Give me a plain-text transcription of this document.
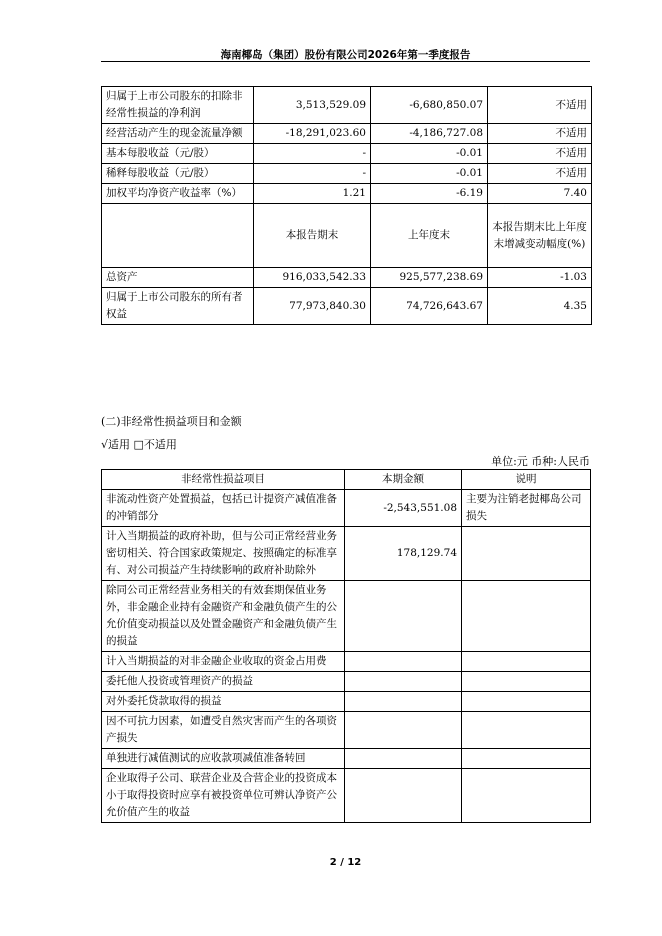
海南椰岛（集团）股份有限公司2026年第一季度报告
归属于上市公司股东的扣除非经常性损益的净利润	3,513,529.09	-6,680,850.07	不适用
经营活动产生的现金流量净额	-18,291,023.60	-4,186,727.08	不适用
基本每股收益（元/股）	-	-0.01	不适用
稀释每股收益（元/股）	-	-0.01	不适用
加权平均净资产收益率（%）	1.21	-6.19	7.40
	本报告期末	上年度末	本报告期末比上年度末增减变动幅度(%)
总资产	916,033,542.33	925,577,238.69	-1.03
归属于上市公司股东的所有者权益	77,973,840.30	74,726,643.67	4.35
(二)非经常性损益项目和金额
√适用 □不适用
单位:元 币种:人民币
非经常性损益项目	本期金额	说明
非流动性资产处置损益，包括已计提资产减值准备的冲销部分	-2,543,551.08	主要为注销老挝椰岛公司损失
计入当期损益的政府补助，但与公司正常经营业务密切相关、符合国家政策规定、按照确定的标准享有、对公司损益产生持续影响的政府补助除外	178,129.74	
除同公司正常经营业务相关的有效套期保值业务外，非金融企业持有金融资产和金融负债产生的公允价值变动损益以及处置金融资产和金融负债产生的损益		
计入当期损益的对非金融企业收取的资金占用费		
委托他人投资或管理资产的损益		
对外委托贷款取得的损益		
因不可抗力因素，如遭受自然灾害而产生的各项资产损失		
单独进行减值测试的应收款项减值准备转回		
企业取得子公司、联营企业及合营企业的投资成本小于取得投资时应享有被投资单位可辨认净资产公允价值产生的收益		
2 / 12
